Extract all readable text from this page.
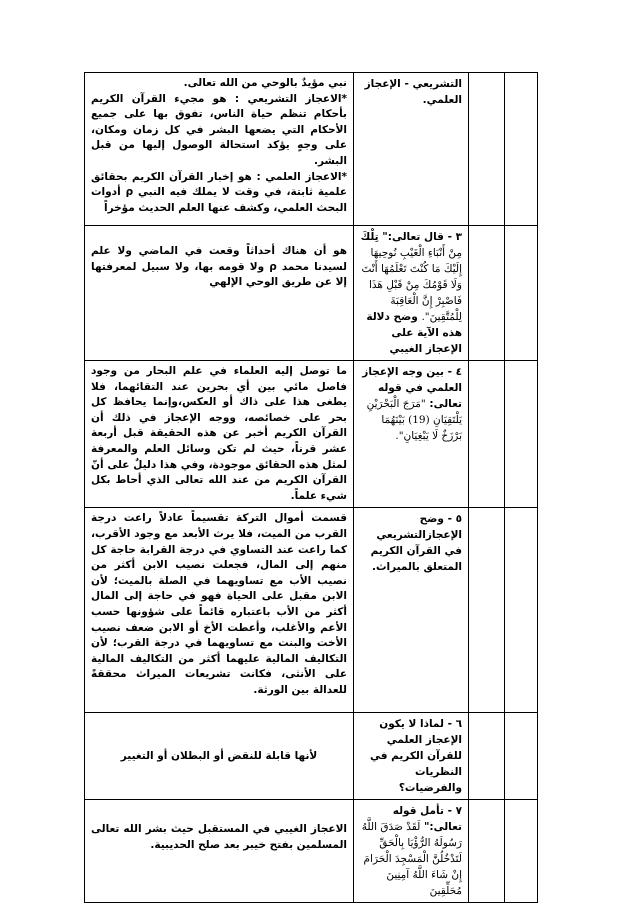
		التشريعي - الإعجاز العلمي.	نبي مؤيدٌ بالوحي من الله تعالى.
*الاعجاز التشريعي : هو مجيء القرآن الكريم بأحكام تنظم حياة الناس، تفوق بها على جميع الأحكام التي يضعها البشر في كل زمان ومكان، على وجهٍ يؤكد استحالة الوصول إليها من قبل البشر.
*الاعجاز العلمي : هو إخبار القرآن الكريم بحقائق علمية ثابتة، في وقت لا يملك فيه النبي ρ أدوات البحث العلمي، وكشف عنها العلم الحديث مؤخراً

		٣ - قال تعالى:" تِلْكَ مِنْ أَنْبَاءِ الْغَيْبِ نُوحِيهَا إِلَيْكَ مَا كُنْتَ تَعْلَمُهَا أَنْتَ وَلَا قَوْمُكَ مِنْ قَبْلِ هَذَا فَاصْبِرْ إِنَّ الْعَاقِبَةَ لِلْمُتَّقِينَ". وضح دلالة هذه الآية على الإعجاز الغيبي	هو أن هناك أحداثاً وقعت في الماضي ولا علم لسيدنا محمد ρ ولا قومه بها، ولا سبيل لمعرفتها إلا عن طريق الوحي الإلهي
		٤ - بين وجه الإعجاز العلمي في قوله تعالى: "مَرَجَ الْبَحْرَيْنِ يَلْتَقِيَانِ (19) بَيْنَهُمَا بَرْزَخٌ لَا يَبْغِيَانِ".	ما توصل إليه العلماء في علم البحار من وجود فاصل مائي بين أي بحرين عند التقائهما، فلا يطغى هذا على ذاك أو العكس،وإنما يحافظ كل بحر على خصائصه، ووجه الإعجاز في ذلك أن القرآن الكريم أخبر عن هذه الحقيقة قبل أربعة عشر قرناً، حيث لم تكن وسائل العلم والمعرفة لمثل هذه الحقائق موجودة، وفي هذا دليلٌ على أنّ القرآن الكريم من عند الله تعالى الذي أحاط بكل شيء علماً.
		٥ - وضح الإعجازالتشريعي في القرآن الكريم المتعلق بالميراث.	قسمت أموال التركة تقسيماً عادلاً راعت درجة القرب من الميت، فلا يرث الأبعد مع وجود الأقرب، كما راعت عند التساوي في درجة القرابة حاجة كل منهم إلى المال، فجعلت نصيب الابن أكثر من نصيب الأب مع تساويهما في الصلة بالميت؛ لأن الابن مقبل على الحياة فهو في حاجة إلى المال أكثر من الأب باعتباره قائماً على شؤونها حسب الأعم والأغلب، وأعطت الأخ أو الابن ضعف نصيب الأخت والبنت مع تساويهما في درجة القرب؛ لأن التكاليف المالية عليهما أكثر من التكاليف المالية على الأنثى، فكانت تشريعات الميراث محققةً للعدالة بين الورثة.
		٦ - لماذا لا يكون الإعجاز العلمي للقرآن الكريم في النظريات والفرضيات؟	لأنها قابلة للنقض أو البطلان أو التغيير
		٧ - تأمل قوله تعالى:" لَقَدْ صَدَقَ اللَّهُ رَسُولَهُ الرُّؤْيَا بِالْحَقِّ لَتَدْخُلُنَّ الْمَسْجِدَ الْحَرَامَ إِنْ شَاءَ اللَّهُ آمِنِينَ مُحَلِّقِينَ	الاعجاز الغيبي في المستقبل حيث بشر الله تعالى المسلمين بفتح خيبر بعد صلح الحديبية.
